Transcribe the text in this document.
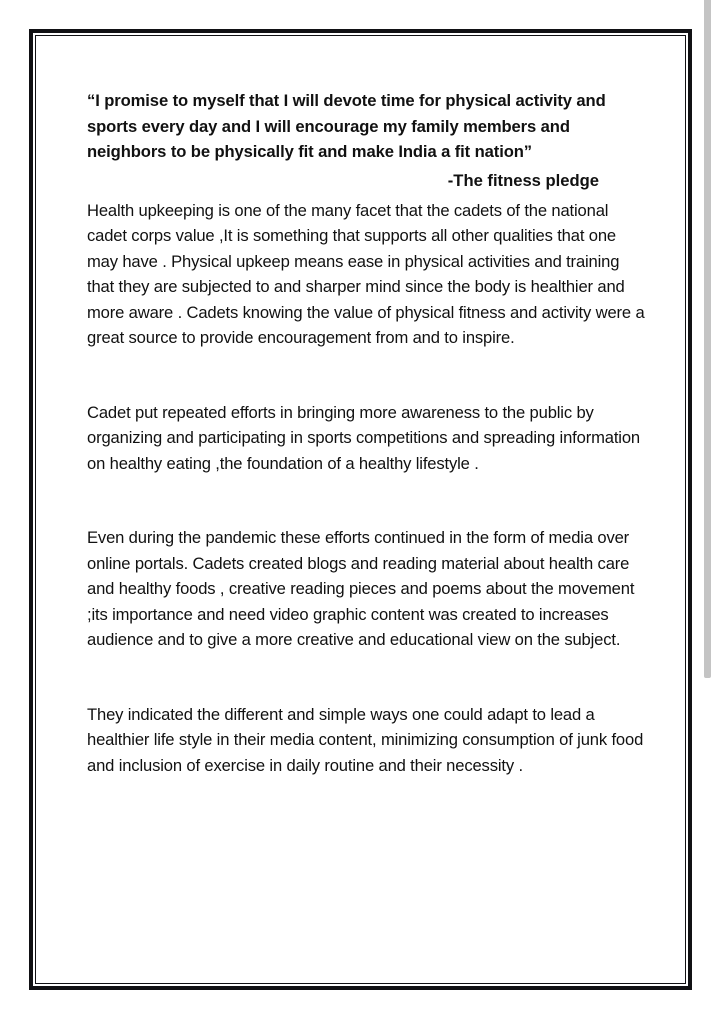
“I promise to myself that I will devote time for physical activity and sports every day and I will encourage my family members and neighbors to be physically fit and make India a fit nation”

-The fitness pledge

Health upkeeping is one of the many facet that the cadets of the national cadet corps value ,It is something that supports all other qualities that one may have . Physical upkeep means ease in physical activities and training that they are subjected to and sharper mind since the body is healthier and more aware . Cadets knowing the value of physical fitness and activity were a great source to provide encouragement from and to inspire.

Cadet put repeated efforts in bringing more awareness to the public by organizing and participating in sports competitions and spreading information on healthy eating ,the foundation of a healthy lifestyle .

Even during the pandemic these efforts continued in the form of media over online portals. Cadets created blogs and reading material about health care and healthy foods , creative reading pieces and poems about the movement ;its importance and need video graphic content was created to increases audience and to give a more creative and educational view on the subject.

They indicated the different and simple ways one could adapt to lead a healthier life style in their media content, minimizing consumption of junk food and inclusion of exercise in daily routine and their necessity .
